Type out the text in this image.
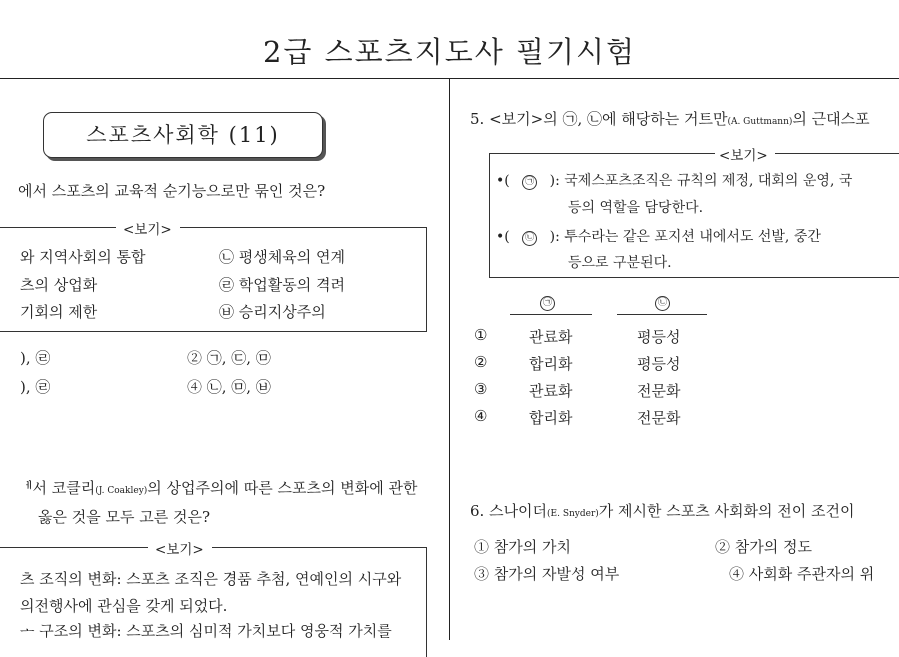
2급 스포츠지도사 필기시험
스포츠사회학 (11)
에서 스포츠의 교육적 순기능으로만 묶인 것은?
<보기>
와 지역사회의 통합	㉡ 평생체육의 연계
츠의 상업화	㉣ 학업활동의 격려
기회의 제한	㉥ 승리지상주의
), ㉣	② ㉠, ㉢, ㉤
), ㉣	④ ㉡, ㉤, ㉥
ᅦ서 코클리(J. Coakley)의 상업주의에 따른 스포츠의 변화에 관한
옳은 것을 모두 고른 것은?
<보기>
츠 조직의 변화: 스포츠 조직은 경품 추첨, 연예인의 시구와
의전행사에 관심을 갖게 되었다.
ᅩ 구조의 변화: 스포츠의 심미적 가치보다 영웅적 가치를
5. <보기>의 ㉠, ㉡에 해당하는 거트만(A. Guttmann)의 근대스포
<보기>
•( ㉠ ): 국제스포츠조직은 규칙의 제정, 대회의 운영, 국
등의 역할을 담당한다.
•( ㉡ ): 투수라는 같은 포지션 내에서도 선발, 중간
등으로 구분된다.
㉠	㉡
①	관료화	평등성
②	합리화	평등성
③	관료화	전문화
④	합리화	전문화
6. 스나이더(E. Snyder)가 제시한 스포츠 사회화의 전이 조건이
① 참가의 가치	② 참가의 정도
③ 참가의 자발성 여부	④ 사회화 주관자의 위
